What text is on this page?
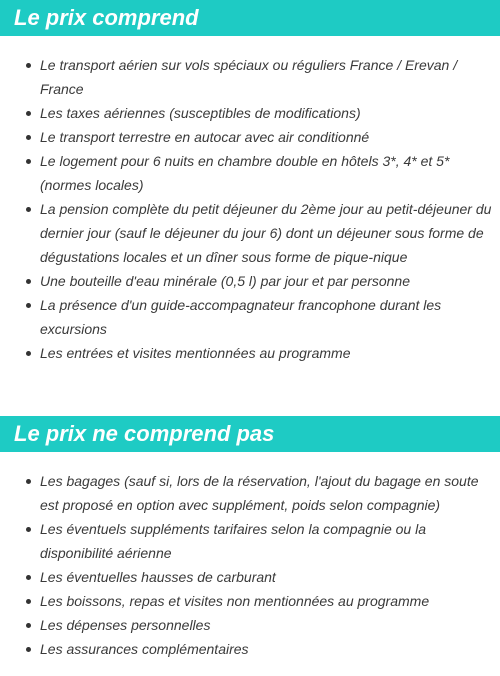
Le prix comprend
Le transport aérien sur vols spéciaux ou réguliers France / Erevan / France
Les taxes aériennes (susceptibles de modifications)
Le transport terrestre en autocar avec air conditionné
Le logement pour 6 nuits en chambre double en hôtels 3*, 4* et 5* (normes locales)
La pension complète du petit déjeuner du 2ème jour au petit-déjeuner du dernier jour (sauf le déjeuner du jour 6) dont un déjeuner sous forme de dégustations locales et un dîner sous forme de pique-nique
Une bouteille d'eau minérale (0,5 l) par jour et par personne
La présence d'un guide-accompagnateur francophone durant les excursions
Les entrées et visites mentionnées au programme
Le prix ne comprend pas
Les bagages (sauf si, lors de la réservation, l'ajout du bagage en soute est proposé en option avec supplément, poids selon compagnie)
Les éventuels suppléments tarifaires selon la compagnie ou la disponibilité aérienne
Les éventuelles hausses de carburant
Les boissons, repas et visites non mentionnées au programme
Les dépenses personnelles
Les assurances complémentaires
